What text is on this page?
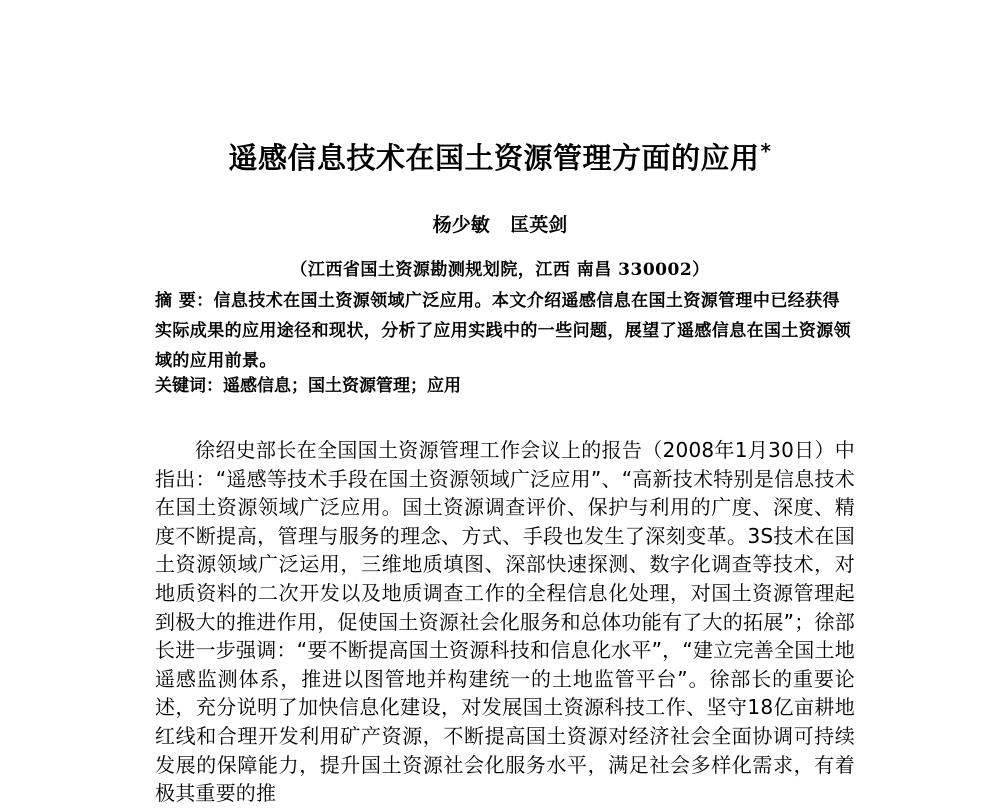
遥感信息技术在国土资源管理方面的应用*
杨少敏 匡英剑
（江西省国土资源勘测规划院，江西 南昌 330002）
摘 要：信息技术在国土资源领域广泛应用。本文介绍遥感信息在国土资源管理中已经获得实际成果的应用途径和现状，分析了应用实践中的一些问题，展望了遥感信息在国土资源领域的应用前景。
关键词：遥感信息；国土资源管理；应用
徐绍史部长在全国国土资源管理工作会议上的报告（2008年1月30日）中指出：“遥感等技术手段在国土资源领域广泛应用”、“高新技术特别是信息技术在国土资源领域广泛应用。国土资源调查评价、保护与利用的广度、深度、精度不断提高，管理与服务的理念、方式、手段也发生了深刻变革。3S技术在国土资源领域广泛运用，三维地质填图、深部快速探测、数字化调查等技术，对地质资料的二次开发以及地质调查工作的全程信息化处理，对国土资源管理起到极大的推进作用，促使国土资源社会化服务和总体功能有了大的拓展”；徐部长进一步强调：“要不断提高国土资源科技和信息化水平”，“建立完善全国土地遥感监测体系，推进以图管地并构建统一的土地监管平台”。徐部长的重要论述，充分说明了加快信息化建设，对发展国土资源科技工作、坚守18亿亩耕地红线和合理开发利用矿产资源，不断提高国土资源对经济社会全面协调可持续发展的保障能力，提升国土资源社会化服务水平，满足社会多样化需求，有着极其重要的推
